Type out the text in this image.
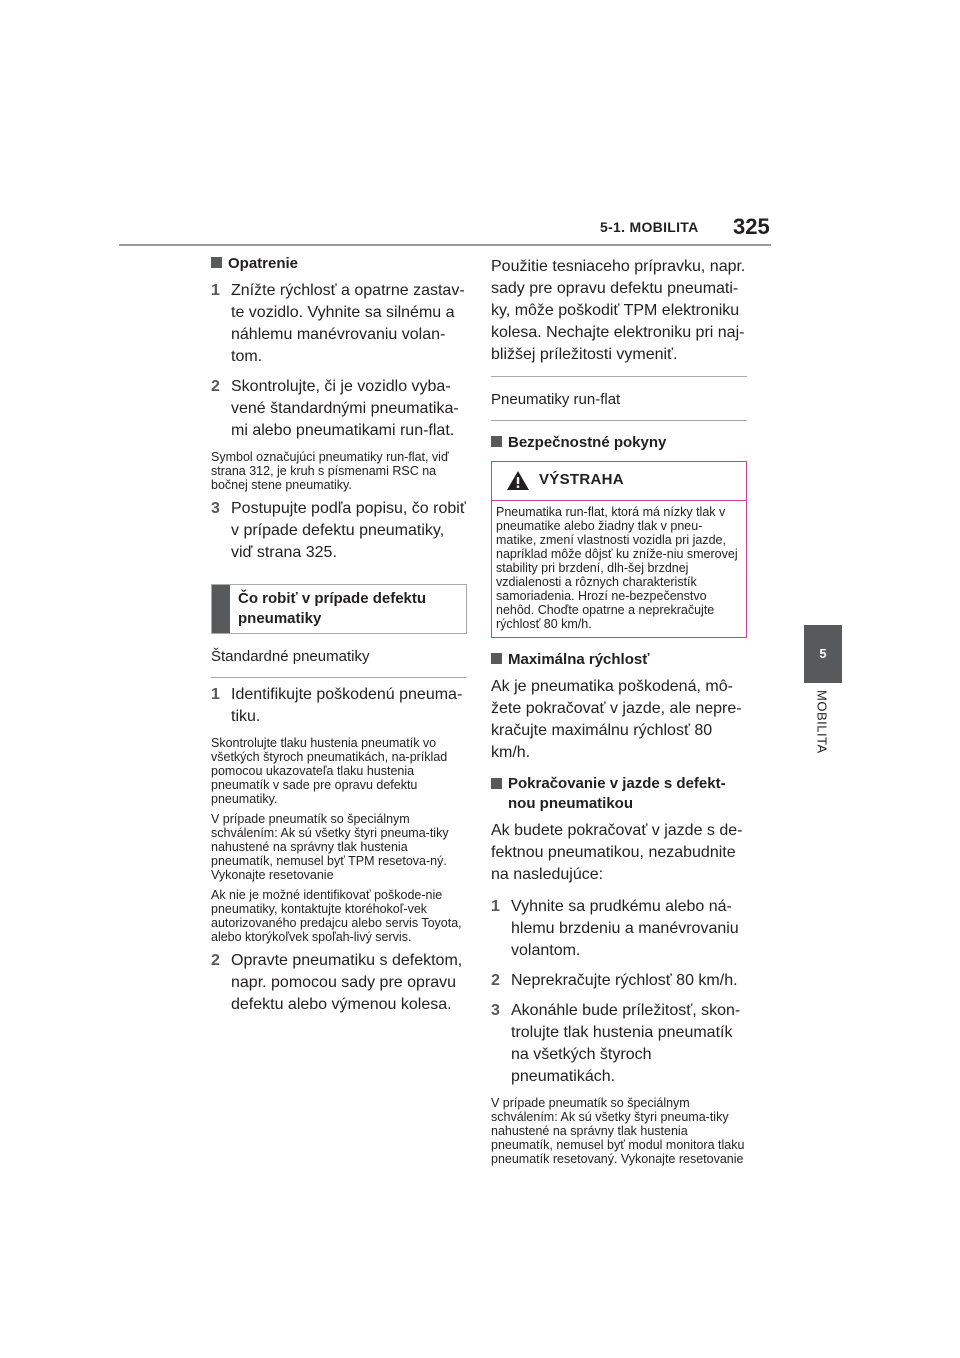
5-1. MOBILITA 325
5
MOBILITA
Opatrenie
1 Znížte rýchlosť a opatrne zastav-te vozidlo. Vyhnite sa silnému a náhlemu manévrovaniu volan-tom.
2 Skontrolujte, či je vozidlo vyba-vené štandardnými pneumatika-mi alebo pneumatikami run-flat.

Symbol označujúci pneumatiky run-flat, viď strana 312, je kruh s písmenami RSC na bočnej stene pneumatiky.

3 Postupujte podľa popisu, čo robiť v prípade defektu pneumatiky, viď strana 325.
Čo robiť v prípade defektu pneumatiky
Štandardné pneumatiky
1 Identifikujte poškodenú pneuma-tiku.

Skontrolujte tlaku hustenia pneumatík vo všetkých štyroch pneumatikách, na-príklad pomocou ukazovateľa tlaku hustenia pneumatík v sade pre opravu defektu pneumatiky.

V prípade pneumatík so špeciálnym schválením: Ak sú všetky štyri pneuma-tiky nahustené na správny tlak hustenia pneumatík, nemusel byť TPM resetova-ný. Vykonajte resetovanie

Ak nie je možné identifikovať poškode-nie pneumatiky, kontaktujte ktoréhokoľ-vek autorizovaného predajcu alebo servis Toyota, alebo ktorýkoľvek spoľah-livý servis.

2 Opravte pneumatiku s defektom, napr. pomocou sady pre opravu defektu alebo výmenou kolesa.

Použitie tesniaceho prípravku, napr. sady pre opravu defektu pneumati-ky, môže poškodiť TPM elektroniku kolesa. Nechajte elektroniku pri naj-bližšej príležitosti vymeniť.

Pneumatiky run-flat
Bezpečnostné pokyny
VÝSTRAHA
Pneumatika run-flat, ktorá má nízky tlak v pneumatike alebo žiadny tlak v pneu-matike, zmení vlastnosti vozidla pri jazde, napríklad môže dôjsť ku zníže-niu smerovej stability pri brzdení, dlh-šej brzdnej vzdialenosti a rôznych charakteristík samoriadenia. Hrozí ne-bezpečenstvo nehôd. Choďte opatrne a neprekračujte rýchlosť 80 km/h.
Maximálna rýchlosť

Ak je pneumatika poškodená, mô-žete pokračovať v jazde, ale nepre-kračujte maximálnu rýchlosť 80 km/h.

Pokračovanie v jazde s defekt-nou pneumatikou

Ak budete pokračovať v jazde s de-fektnou pneumatikou, nezabudnite na nasledujúce:

1 Vyhnite sa prudkému alebo ná-hlemu brzdeniu a manévrovaniu volantom.
2 Neprekračujte rýchlosť 80 km/h.
3 Akonáhle bude príležitosť, skon-trolujte tlak hustenia pneumatík na všetkých štyroch pneumatikách.

V prípade pneumatík so špeciálnym schválením: Ak sú všetky štyri pneuma-tiky nahustené na správny tlak hustenia pneumatík, nemusel byť modul monitora tlaku pneumatík resetovaný. Vykonajte resetovanie
